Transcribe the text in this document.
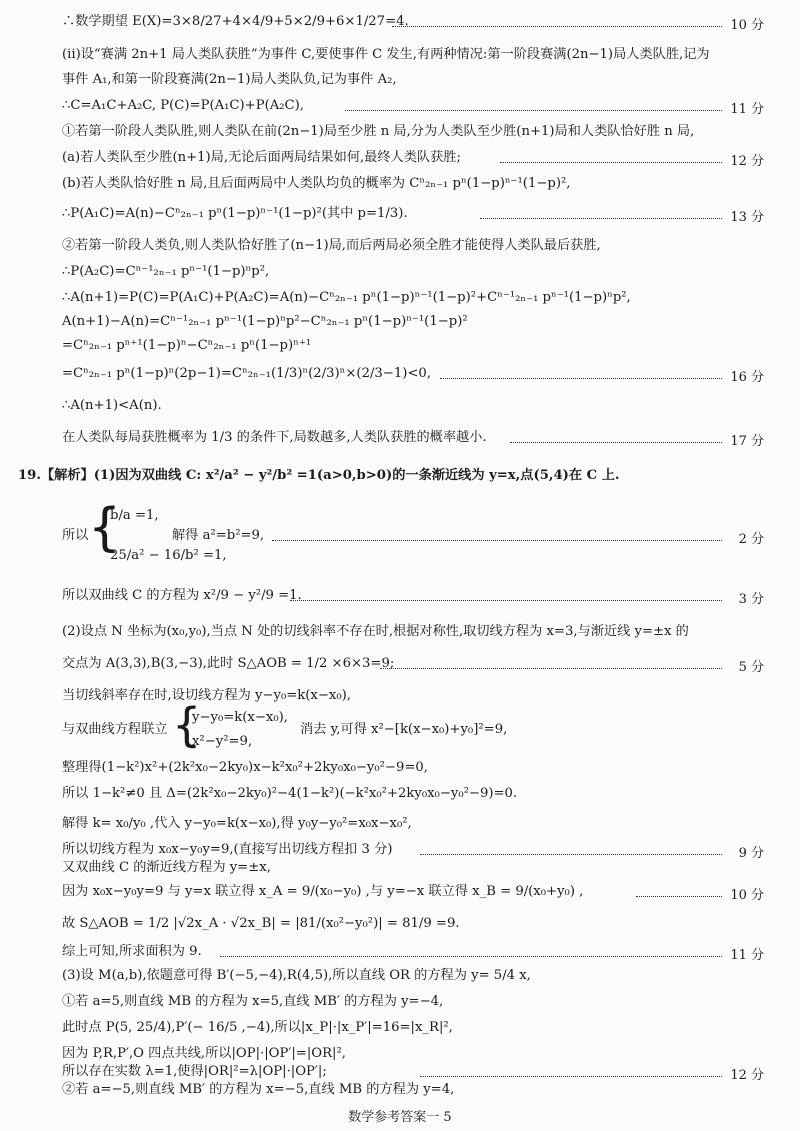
∴数学期望 E(X)=3×8/27+4×4/9+5×2/9+6×1/27=4.	10 分
(ii)设“赛满 2n+1 局人类队获胜”为事件 C,要使事件 C 发生,有两种情况:第一阶段赛满(2n−1)局人类队胜,记为
事件 A₁,和第一阶段赛满(2n−1)局人类队负,记为事件 A₂,
∴C=A₁C+A₂C, P(C)=P(A₁C)+P(A₂C),	11 分
①若第一阶段人类队胜,则人类队在前(2n−1)局至少胜 n 局,分为人类队至少胜(n+1)局和人类队恰好胜 n 局,
(a)若人类队至少胜(n+1)局,无论后面两局结果如何,最终人类队获胜;	12 分
(b)若人类队恰好胜 n 局,且后面两局中人类队均负的概率为 Cⁿ₂ₙ₋₁ pⁿ(1−p)ⁿ⁻¹(1−p)²,
∴P(A₁C)=A(n)−Cⁿ₂ₙ₋₁ pⁿ(1−p)ⁿ⁻¹(1−p)²(其中 p=1/3).	13 分
②若第一阶段人类负,则人类队恰好胜了(n−1)局,而后两局必须全胜才能使得人类队最后获胜,
∴P(A₂C)=Cⁿ⁻¹₂ₙ₋₁ pⁿ⁻¹(1−p)ⁿp²,
∴A(n+1)=P(C)=P(A₁C)+P(A₂C)=A(n)−Cⁿ₂ₙ₋₁ pⁿ(1−p)ⁿ⁻¹(1−p)²+Cⁿ⁻¹₂ₙ₋₁ pⁿ⁻¹(1−p)ⁿp²,
A(n+1)−A(n)=Cⁿ⁻¹₂ₙ₋₁ pⁿ⁻¹(1−p)ⁿp²−Cⁿ₂ₙ₋₁ pⁿ(1−p)ⁿ⁻¹(1−p)²
=Cⁿ₂ₙ₋₁ pⁿ⁺¹(1−p)ⁿ−Cⁿ₂ₙ₋₁ pⁿ(1−p)ⁿ⁺¹
=Cⁿ₂ₙ₋₁ pⁿ(1−p)ⁿ(2p−1)=Cⁿ₂ₙ₋₁(1/3)ⁿ(2/3)ⁿ×(2/3−1)<0,	16 分
∴A(n+1)<A(n).
在人类队每局获胜概率为 1/3 的条件下,局数越多,人类队获胜的概率越小.	17 分
19.【解析】(1)因为双曲线 C: x²/a² − y²/b² =1(a>0,b>0)的一条渐近线为 y=x,点(5,4)在 C 上.
所以 {
b/a =1,
25/a² − 16/b² =1,
解得 a²=b²=9,	2 分
所以双曲线 C 的方程为 x²/9 − y²/9 =1.	3 分
(2)设点 N 坐标为(x₀,y₀),当点 N 处的切线斜率不存在时,根据对称性,取切线方程为 x=3,与渐近线 y=±x 的
交点为 A(3,3),B(3,−3),此时 S△AOB = 1/2 ×6×3=9;	5 分
当切线斜率存在时,设切线方程为 y−y₀=k(x−x₀),
与双曲线方程联立 {
y−y₀=k(x−x₀),
x²−y²=9,
消去 y,可得 x²−[k(x−x₀)+y₀]²=9,
整理得(1−k²)x²+(2k²x₀−2ky₀)x−k²x₀²+2ky₀x₀−y₀²−9=0,
所以 1−k²≠0 且 Δ=(2k²x₀−2ky₀)²−4(1−k²)(−k²x₀²+2ky₀x₀−y₀²−9)=0.
解得 k= x₀/y₀ ,代入 y−y₀=k(x−x₀),得 y₀y−y₀²=x₀x−x₀²,
所以切线方程为 x₀x−y₀y=9,(直接写出切线方程扣 3 分)	9 分
又双曲线 C 的渐近线方程为 y=±x,
因为 x₀x−y₀y=9 与 y=x 联立得 x_A = 9/(x₀−y₀) ,与 y=−x 联立得 x_B = 9/(x₀+y₀) ,	10 分
故 S△AOB = 1/2 |√2x_A · √2x_B| = |81/(x₀²−y₀²)| = 81/9 =9.
综上可知,所求面积为 9.	11 分
(3)设 M(a,b),依题意可得 B′(−5,−4),R(4,5),所以直线 OR 的方程为 y= 5/4 x,
①若 a=5,则直线 MB 的方程为 x=5,直线 MB′ 的方程为 y=−4,
此时点 P(5, 25/4),P′(− 16/5 ,−4),所以|x_P|·|x_P′|=16=|x_R|²,
因为 P,R,P′,O 四点共线,所以|OP|·|OP′|=|OR|²,
所以存在实数 λ=1,使得|OR|²=λ|OP|·|OP′|;	12 分
②若 a=−5,则直线 MB′ 的方程为 x=−5,直线 MB 的方程为 y=4,
数学参考答案一 5
